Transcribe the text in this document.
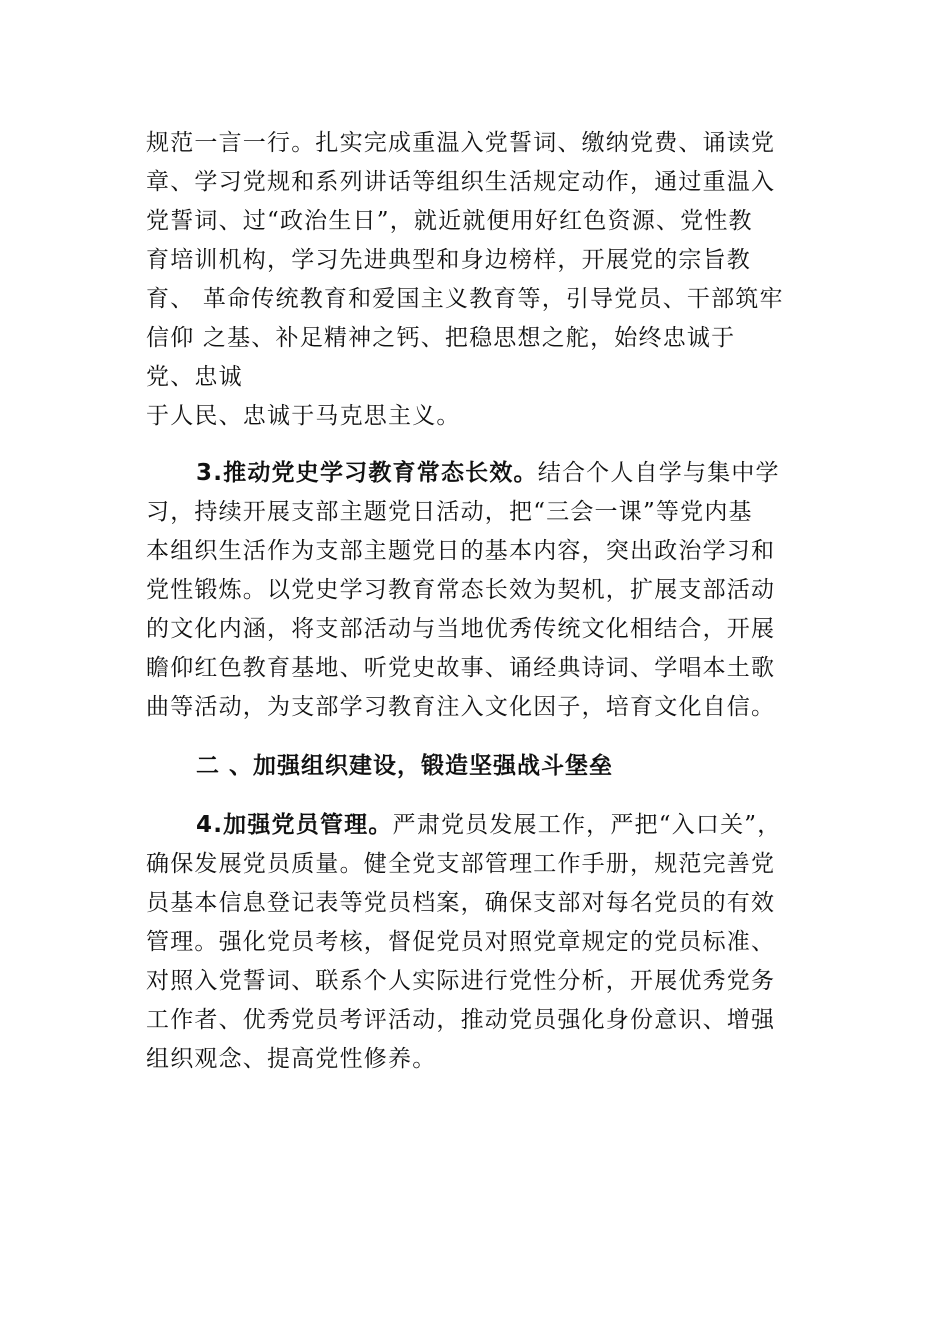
规范一言一行。扎实完成重温入党誓词、缴纳党费、诵读党
章、学习党规和系列讲话等组织生活规定动作，通过重温入
党誓词、过“政治生日”，就近就便用好红色资源、党性教
育培训机构，学习先进典型和身边榜样，开展党的宗旨教
育、 革命传统教育和爱国主义教育等，引导党员、干部筑牢
信仰 之基、补足精神之钙、把稳思想之舵，始终忠诚于
党、忠诚
于人民、忠诚于马克思主义。
3.推动党史学习教育常态长效。结合个人自学与集中学
习，持续开展支部主题党日活动，把“三会一课”等党内基
本组织生活作为支部主题党日的基本内容，突出政治学习和
党性锻炼。以党史学习教育常态长效为契机，扩展支部活动
的文化内涵，将支部活动与当地优秀传统文化相结合，开展
瞻仰红色教育基地、听党史故事、诵经典诗词、学唱本土歌
曲等活动，为支部学习教育注入文化因子，培育文化自信。
二 、加强组织建设，锻造坚强战斗堡垒
4.加强党员管理。严肃党员发展工作，严把“入口关”，
确保发展党员质量。健全党支部管理工作手册，规范完善党
员基本信息登记表等党员档案，确保支部对每名党员的有效
管理。强化党员考核，督促党员对照党章规定的党员标准、
对照入党誓词、联系个人实际进行党性分析，开展优秀党务
工作者、优秀党员考评活动，推动党员强化身份意识、增强
组织观念、提高党性修养。
